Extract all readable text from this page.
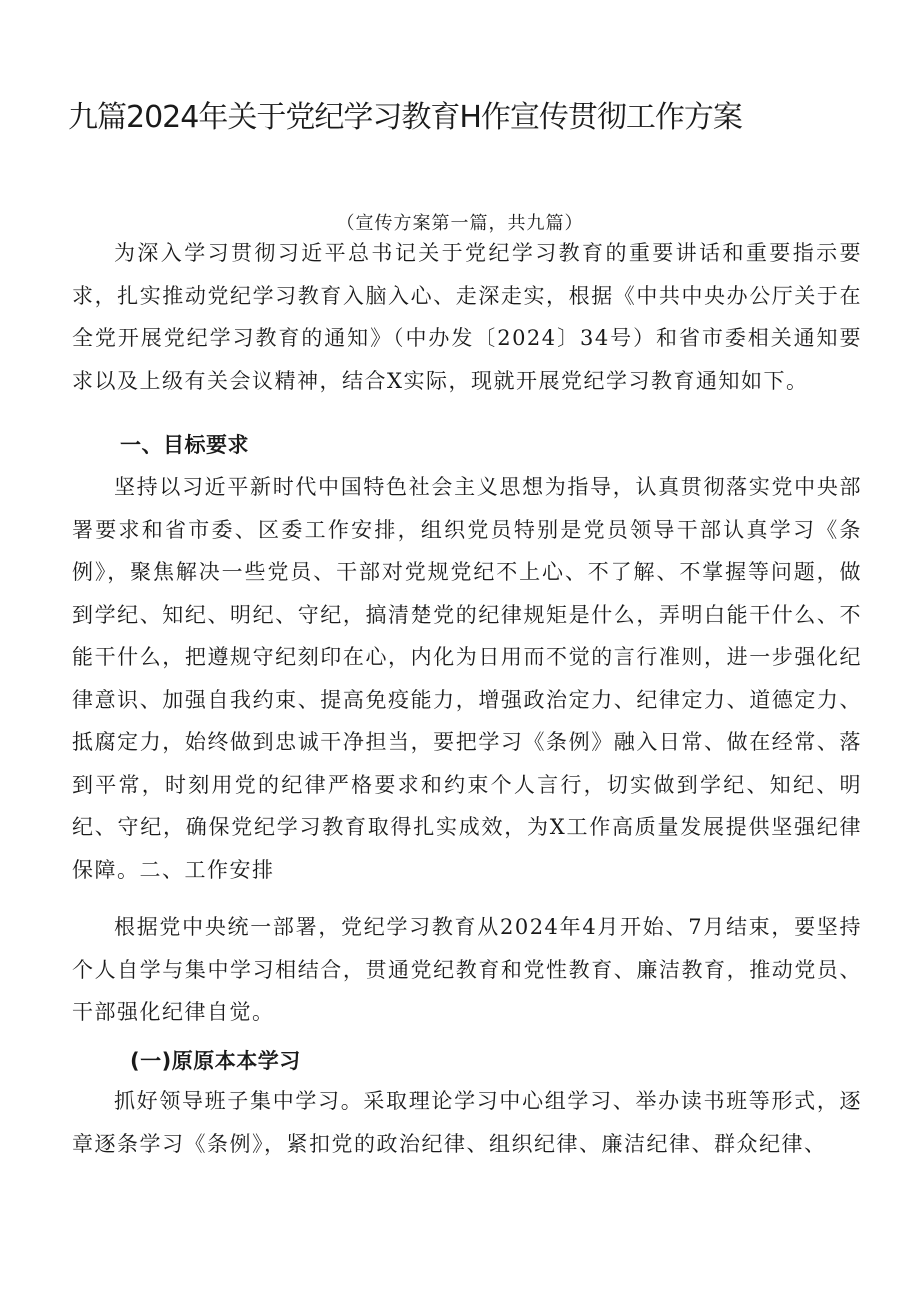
九篇2024年关于党纪学习教育H作宣传贯彻工作方案
（宣传方案第一篇，共九篇）

为深入学习贯彻习近平总书记关于党纪学习教育的重要讲话和重要指示要求，扎实推动党纪学习教育入脑入心、走深走实，根据《中共中央办公厅关于在全党开展党纪学习教育的通知》（中办发〔2024〕34号）和省市委相关通知要求以及上级有关会议精神，结合X实际，现就开展党纪学习教育通知如下。

一、目标要求

坚持以习近平新时代中国特色社会主义思想为指导，认真贯彻落实党中央部署要求和省市委、区委工作安排，组织党员特别是党员领导干部认真学习《条例》，聚焦解决一些党员、干部对党规党纪不上心、不了解、不掌握等问题，做到学纪、知纪、明纪、守纪，搞清楚党的纪律规矩是什么，弄明白能干什么、不能干什么，把遵规守纪刻印在心，内化为日用而不觉的言行准则，进一步强化纪律意识、加强自我约束、提高免疫能力，增强政治定力、纪律定力、道德定力、抵腐定力，始终做到忠诚干净担当，要把学习《条例》融入日常、做在经常、落到平常，时刻用党的纪律严格要求和约束个人言行，切实做到学纪、知纪、明纪、守纪，确保党纪学习教育取得扎实成效，为X工作高质量发展提供坚强纪律保障。二、工作安排

根据党中央统一部署，党纪学习教育从2024年4月开始、7月结束，要坚持个人自学与集中学习相结合，贯通党纪教育和党性教育、廉洁教育，推动党员、干部强化纪律自觉。

(一)原原本本学习

抓好领导班子集中学习。采取理论学习中心组学习、举办读书班等形式，逐章逐条学习《条例》，紧扣党的政治纪律、组织纪律、廉洁纪律、群众纪律、
